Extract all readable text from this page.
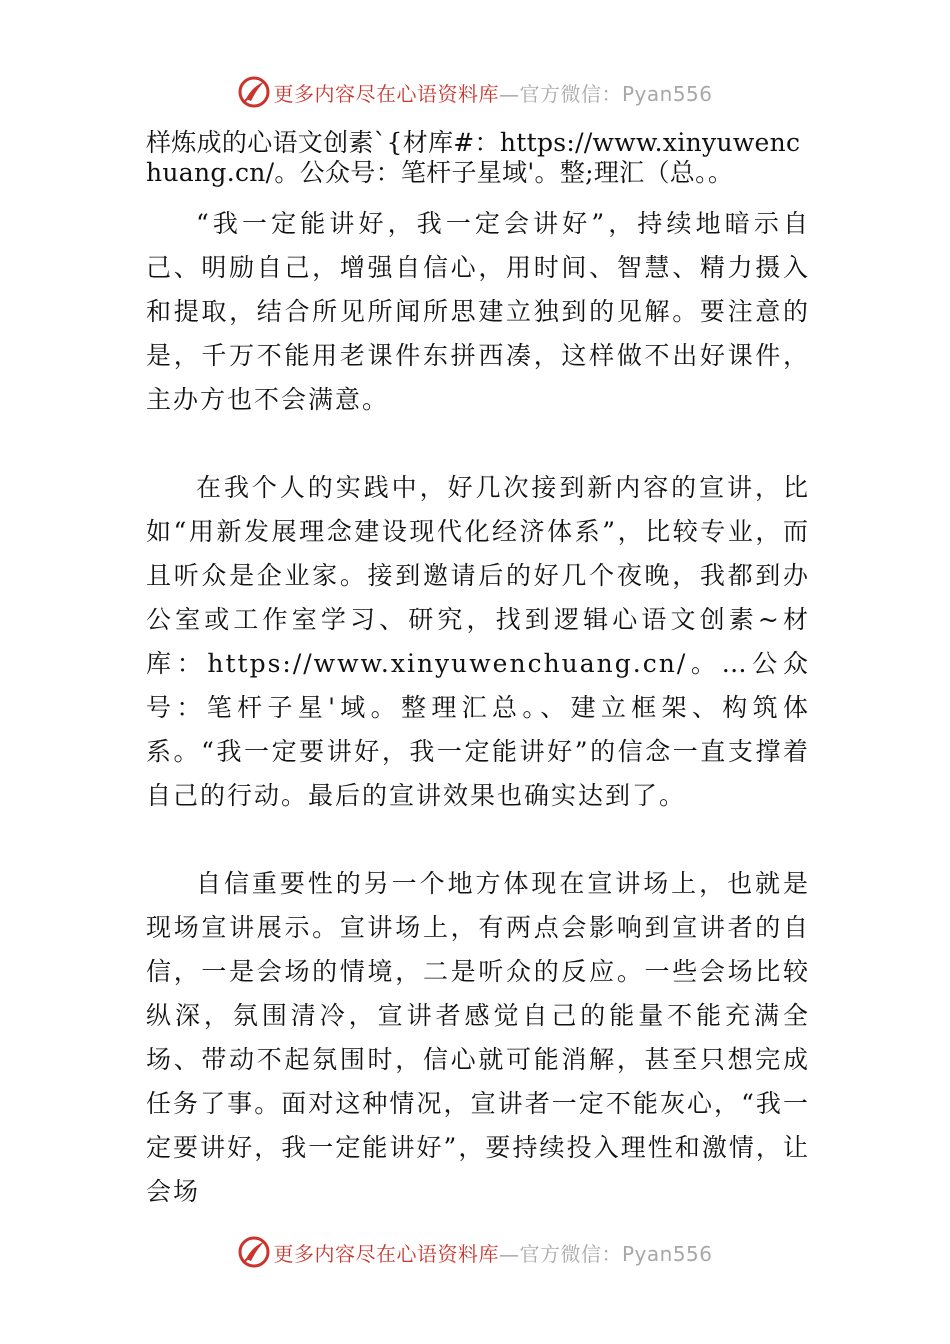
更多内容尽在心语资料库—官方微信：Pyan556

样炼成的心语文创素`{材库#：https://www.xinyuwenchuang.cn/。公众号：笔杆子星域'。整;理汇（总。。

“我一定能讲好，我一定会讲好”，持续地暗示自己、明励自己，增强自信心，用时间、智慧、精力摄入和提取，结合所见所闻所思建立独到的见解。要注意的是，千万不能用老课件东拼西凑，这样做不出好课件，主办方也不会满意。

在我个人的实践中，好几次接到新内容的宣讲，比如“用新发展理念建设现代化经济体系”，比较专业，而且听众是企业家。接到邀请后的好几个夜晚，我都到办公室或工作室学习、研究，找到逻辑心语文创素~材库：https://www.xinyuwenchuang.cn/。…公众号：笔杆子星'域。整理汇总。、建立框架、构筑体系。“我一定要讲好，我一定能讲好”的信念一直支撑着自己的行动。最后的宣讲效果也确实达到了。

自信重要性的另一个地方体现在宣讲场上，也就是现场宣讲展示。宣讲场上，有两点会影响到宣讲者的自信，一是会场的情境，二是听众的反应。一些会场比较纵深，氛围清冷，宣讲者感觉自己的能量不能充满全场、带动不起氛围时，信心就可能消解，甚至只想完成任务了事。面对这种情况，宣讲者一定不能灰心，“我一定要讲好，我一定能讲好”，要持续投入理性和激情，让会场

更多内容尽在心语资料库—官方微信：Pyan556
